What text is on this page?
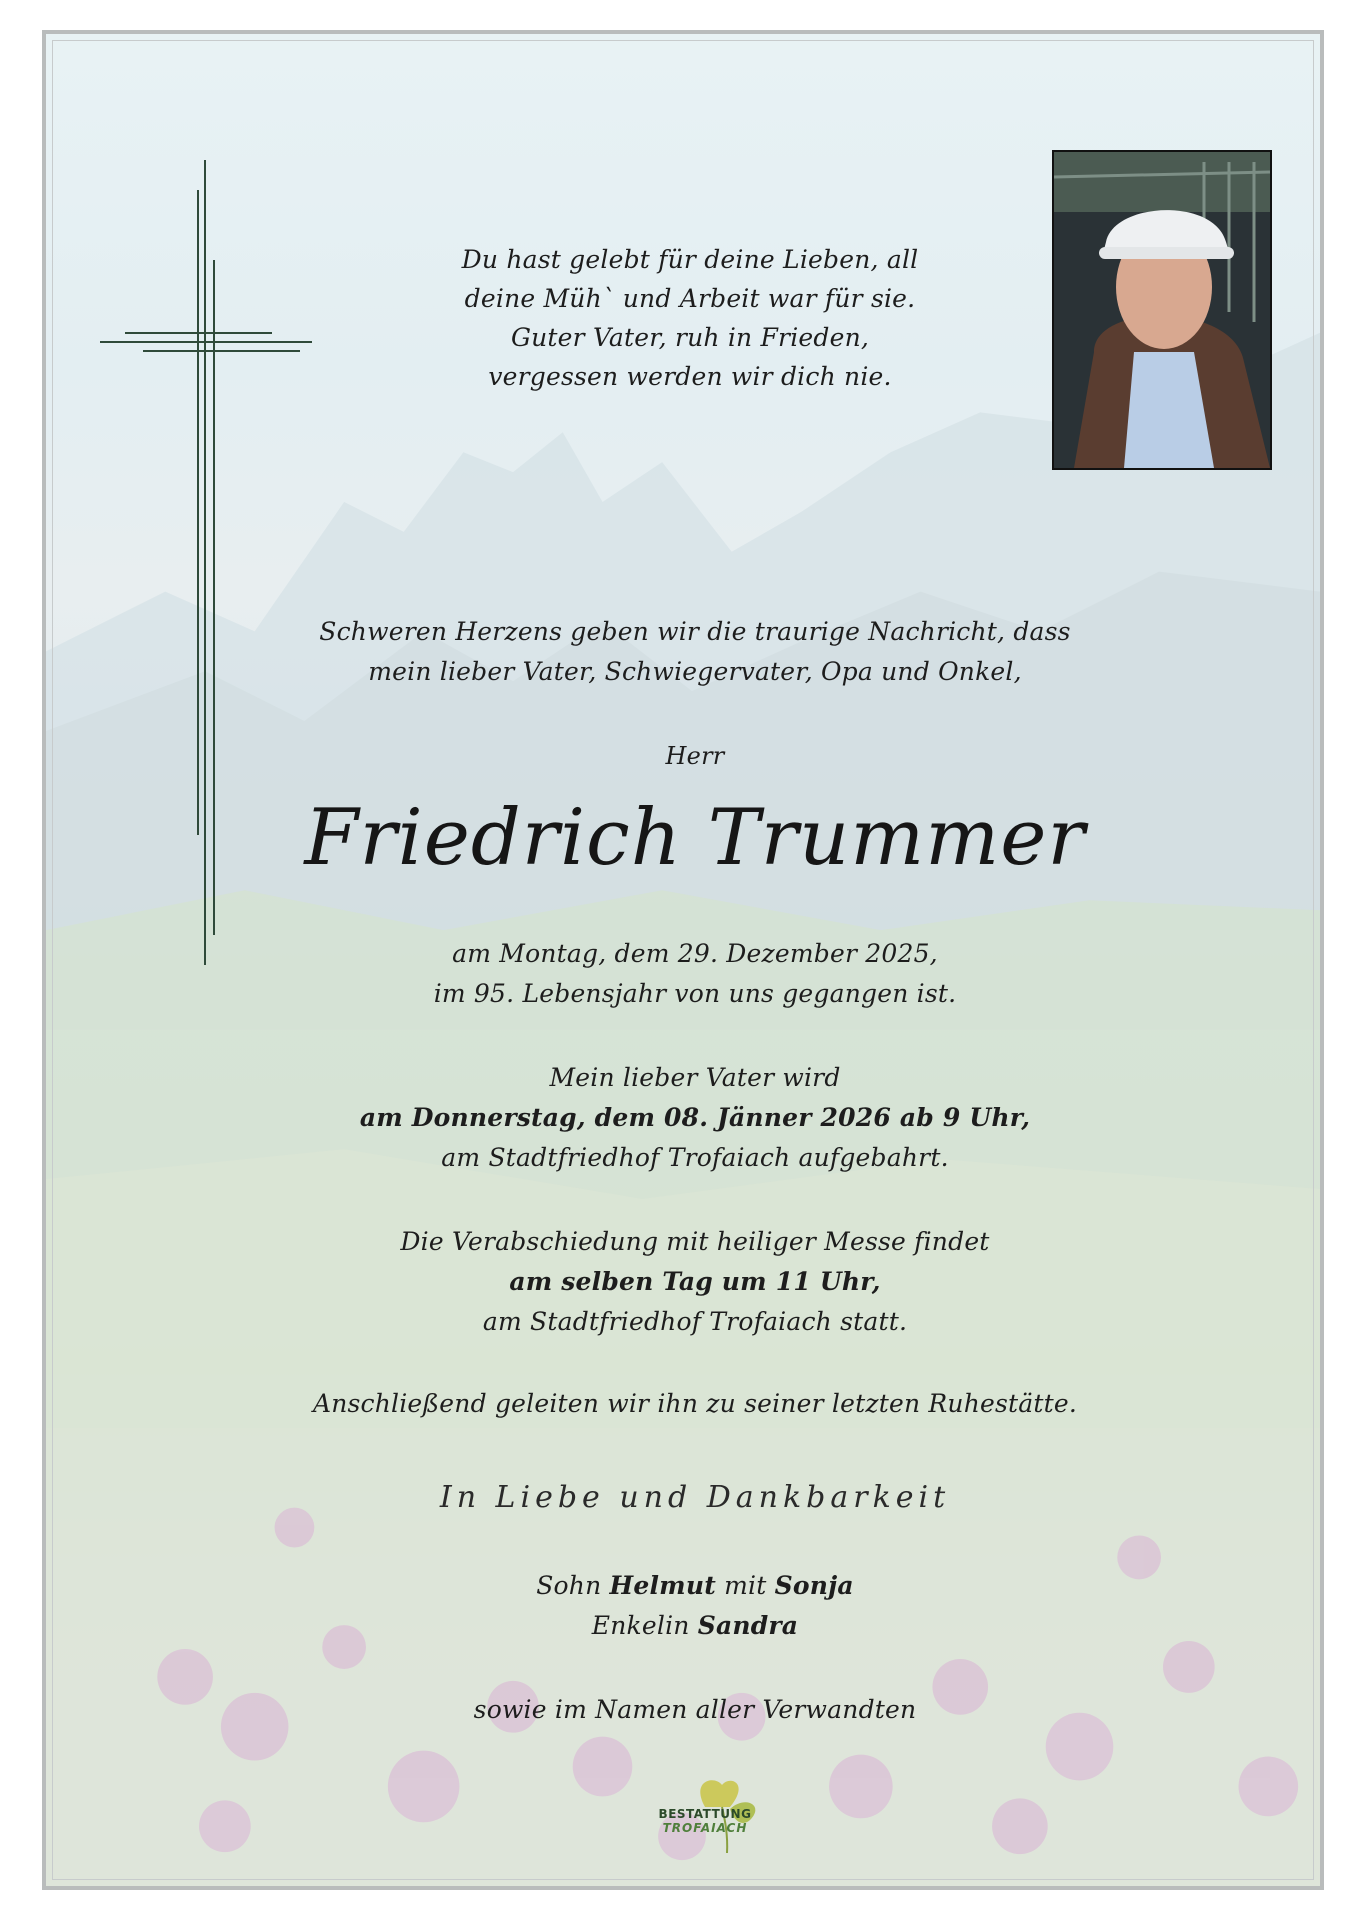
Du hast gelebt für deine Lieben, all
deine Müh` und Arbeit war für sie.
Guter Vater, ruh in Frieden,
vergessen werden wir dich nie.
Schweren Herzens geben wir die traurige Nachricht, dass
mein lieber Vater, Schwiegervater, Opa und Onkel,
Herr
Friedrich Trummer
am Montag, dem 29. Dezember 2025,
im 95. Lebensjahr von uns gegangen ist.
Mein lieber Vater wird
am Donnerstag, dem 08. Jänner 2026 ab 9 Uhr,
am Stadtfriedhof Trofaiach aufgebahrt.
Die Verabschiedung mit heiliger Messe findet
am selben Tag um 11 Uhr,
am Stadtfriedhof Trofaiach statt.
Anschließend geleiten wir ihn zu seiner letzten Ruhestätte.
In Liebe und Dankbarkeit
Sohn Helmut mit Sonja
Enkelin Sandra
sowie im Namen aller Verwandten
BESTATTUNG
TROFAIACH
